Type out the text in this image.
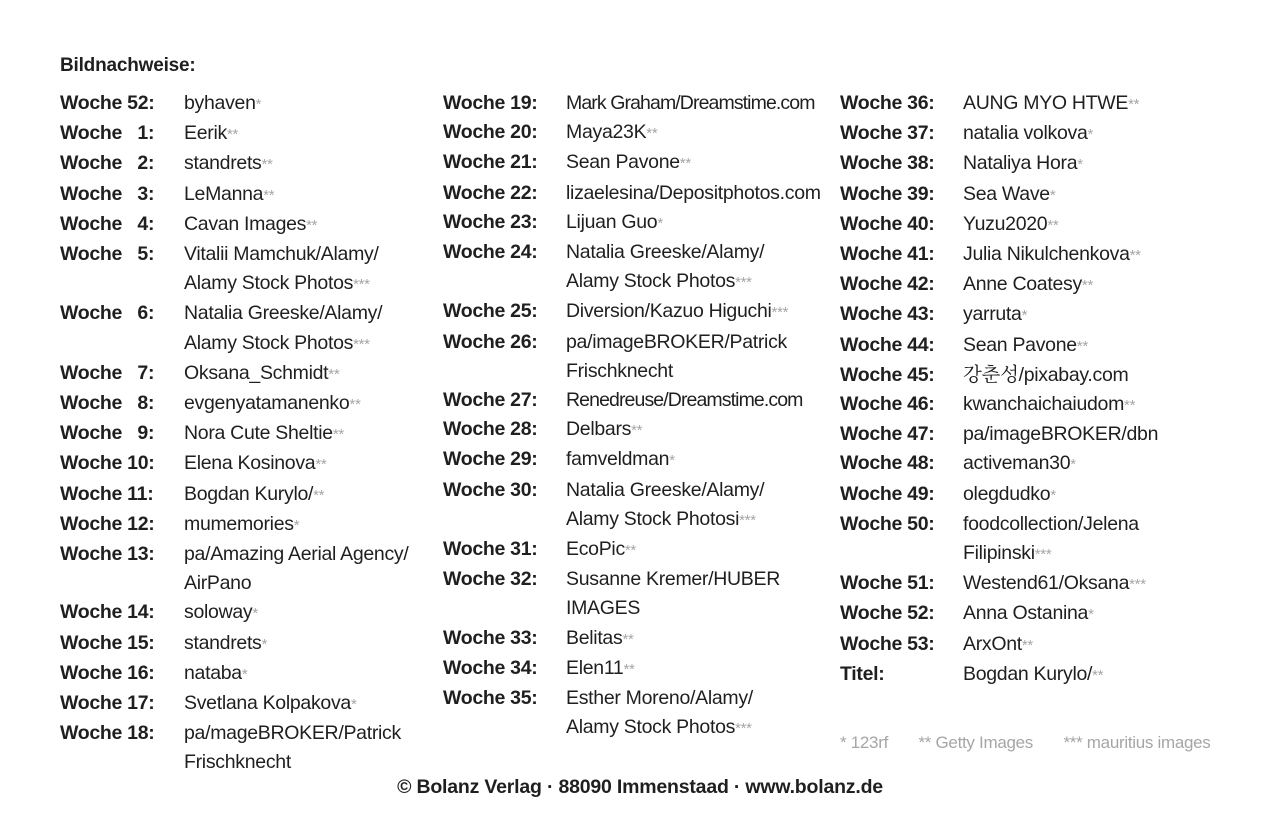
Bildnachweise:
Woche 52:	byhaven*
Woche   1:	Eerik**
Woche   2:	standrets**
Woche   3:	LeManna**
Woche   4:	Cavan Images**
Woche   5:	Vitalii Mamchuk/Alamy/
Alamy Stock Photos***
Woche   6:	Natalia Greeske/Alamy/
Alamy Stock Photos***
Woche   7:	Oksana_Schmidt**
Woche   8:	evgenyatamanenko**
Woche   9:	Nora Cute Sheltie**
Woche 10:	Elena Kosinova**
Woche 11:	Bogdan Kurylo/**
Woche 12:	mumemories*
Woche 13:	pa/Amazing Aerial Agency/
AirPano
Woche 14:	soloway*
Woche 15:	standrets*
Woche 16:	nataba*
Woche 17:	Svetlana Kolpakova*
Woche 18:	pa/mageBROKER/Patrick
Frischknecht
Woche 19:	Mark Graham/Dreamstime.com
Woche 20:	Maya23K**
Woche 21:	Sean Pavone**
Woche 22:	lizaelesina/Depositphotos.com
Woche 23:	Lijuan Guo*
Woche 24:	Natalia Greeske/Alamy/
Alamy Stock Photos***
Woche 25:	Diversion/Kazuo Higuchi***
Woche 26:	pa/imageBROKER/Patrick
Frischknecht
Woche 27:	Renedreuse/Dreamstime.com
Woche 28:	Delbars**
Woche 29:	famveldman*
Woche 30:	Natalia Greeske/Alamy/
Alamy Stock Photosi***
Woche 31:	EcoPic**
Woche 32:	Susanne Kremer/HUBER
IMAGES
Woche 33:	Belitas**
Woche 34:	Elen11**
Woche 35:	Esther Moreno/Alamy/
Alamy Stock Photos***
Woche 36:	AUNG MYO HTWE**
Woche 37:	natalia volkova*
Woche 38:	Nataliya Hora*
Woche 39:	Sea Wave*
Woche 40:	Yuzu2020**
Woche 41:	Julia Nikulchenkova**
Woche 42:	Anne Coatesy**
Woche 43:	yarruta*
Woche 44:	Sean Pavone**
Woche 45:	강춘성/pixabay.com
Woche 46:	kwanchaichaiudom**
Woche 47:	pa/imageBROKER/dbn
Woche 48:	activeman30*
Woche 49:	olegdudko*
Woche 50:	foodcollection/Jelena
Filipinski***
Woche 51:	Westend61/Oksana***
Woche 52:	Anna Ostanina*
Woche 53:	ArxOnt**
Titel:	Bogdan Kurylo/**
* 123rf ** Getty Images *** mauritius images
© Bolanz Verlag · 88090 Immenstaad · www.bolanz.de
